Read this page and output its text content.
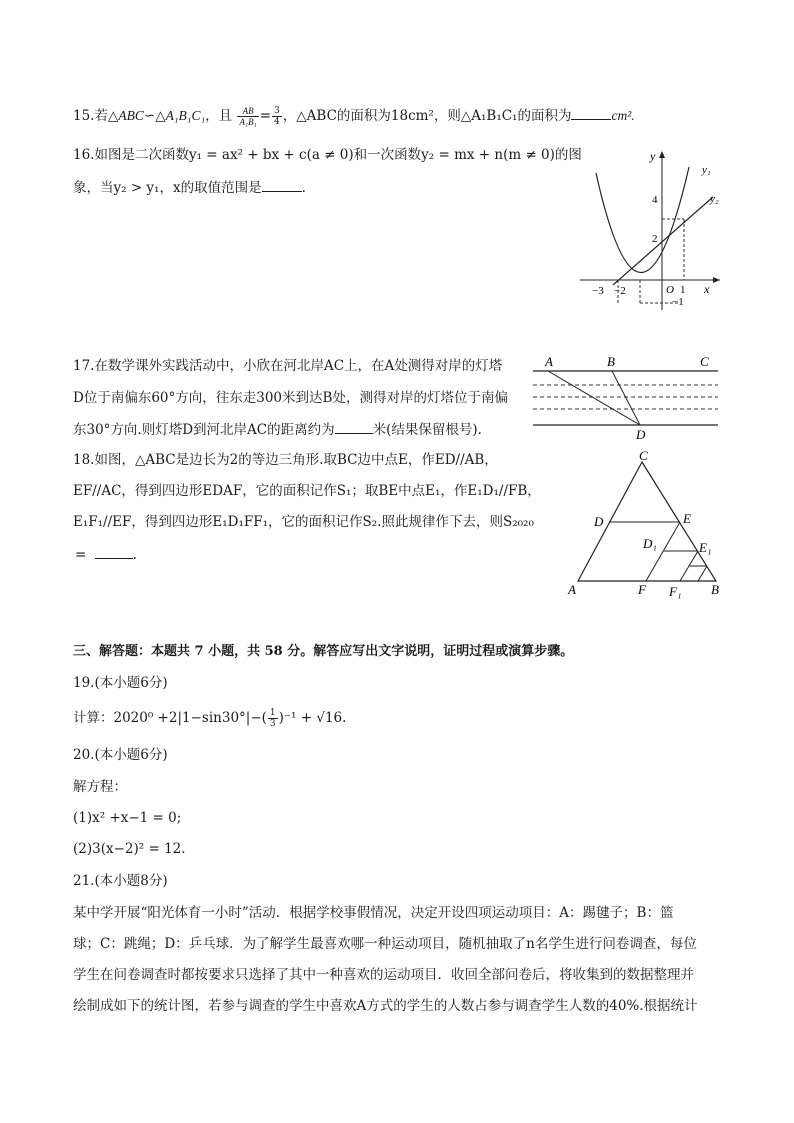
15.若△ABC∽△A₁B₁C₁，且 $\frac{AB}{\text{A₁B₁}} = \frac{3}{4}$ ，△ABC的面积为18cm²，则△A₁B₁C₁的面积为	cm².
16.如图是二次函数y₁ = ax² + bx + c(a ≠ 0)和一次函数y₂ = mx + n(m ≠ 0)的图
象，当y₂ > y₁，x的取值范围是	.
y
x
y₁
y₂
4
2
−3 −2	O 1
−1
17.在数学课外实践活动中，小欣在河北岸AC上，在A处测得对岸的灯塔
D位于南偏东60°方向，往东走300米到达B处，测得对岸的灯塔位于南偏
东30°方向.则灯塔D到河北岸AC的距离约为	米(结果保留根号).
A	B	C
D
18.如图，△ABC是边长为2的等边三角形.取BC边中点E，作ED//AB，
EF//AC，得到四边形EDAF，它的面积记作S₁；取BE中点E₁，作E₁D₁//FB，
E₁F₁//EF，得到四边形E₁D₁FF₁，它的面积记作S₂.照此规律作下去，则S₂₀₂₀
=	.
C
D	E
D₁	E₁
A	F F₁ B
三、解答题：本题共 7 小题，共 58 分。解答应写出文字说明，证明过程或演算步骤。
19.(本小题6分)
计算：$2020^0 +2|1-\sin 30^\circ|-( \frac{1}{3} )^{-1} + √16$.
20.(本小题6分)
解方程：
(1)x² +x−1 = 0;
(2)3(x−2)² = 12.
21.(本小题8分)
某中学开展“阳光体育一小时”活动．根据学校事假情况，决定开设四项运动项目：A：踢毽子；B：篮
球；C：跳绳；D：乒乓球．为了解学生最喜欢哪一种运动项目，随机抽取了n名学生进行问卷调查，每位
学生在问卷调查时都按要求只选择了其中一种喜欢的运动项目．收回全部问卷后，将收集到的数据整理并
绘制成如下的统计图，若参与调查的学生中喜欢A方式的学生的人数占参与调查学生人数的40%.根据统计
